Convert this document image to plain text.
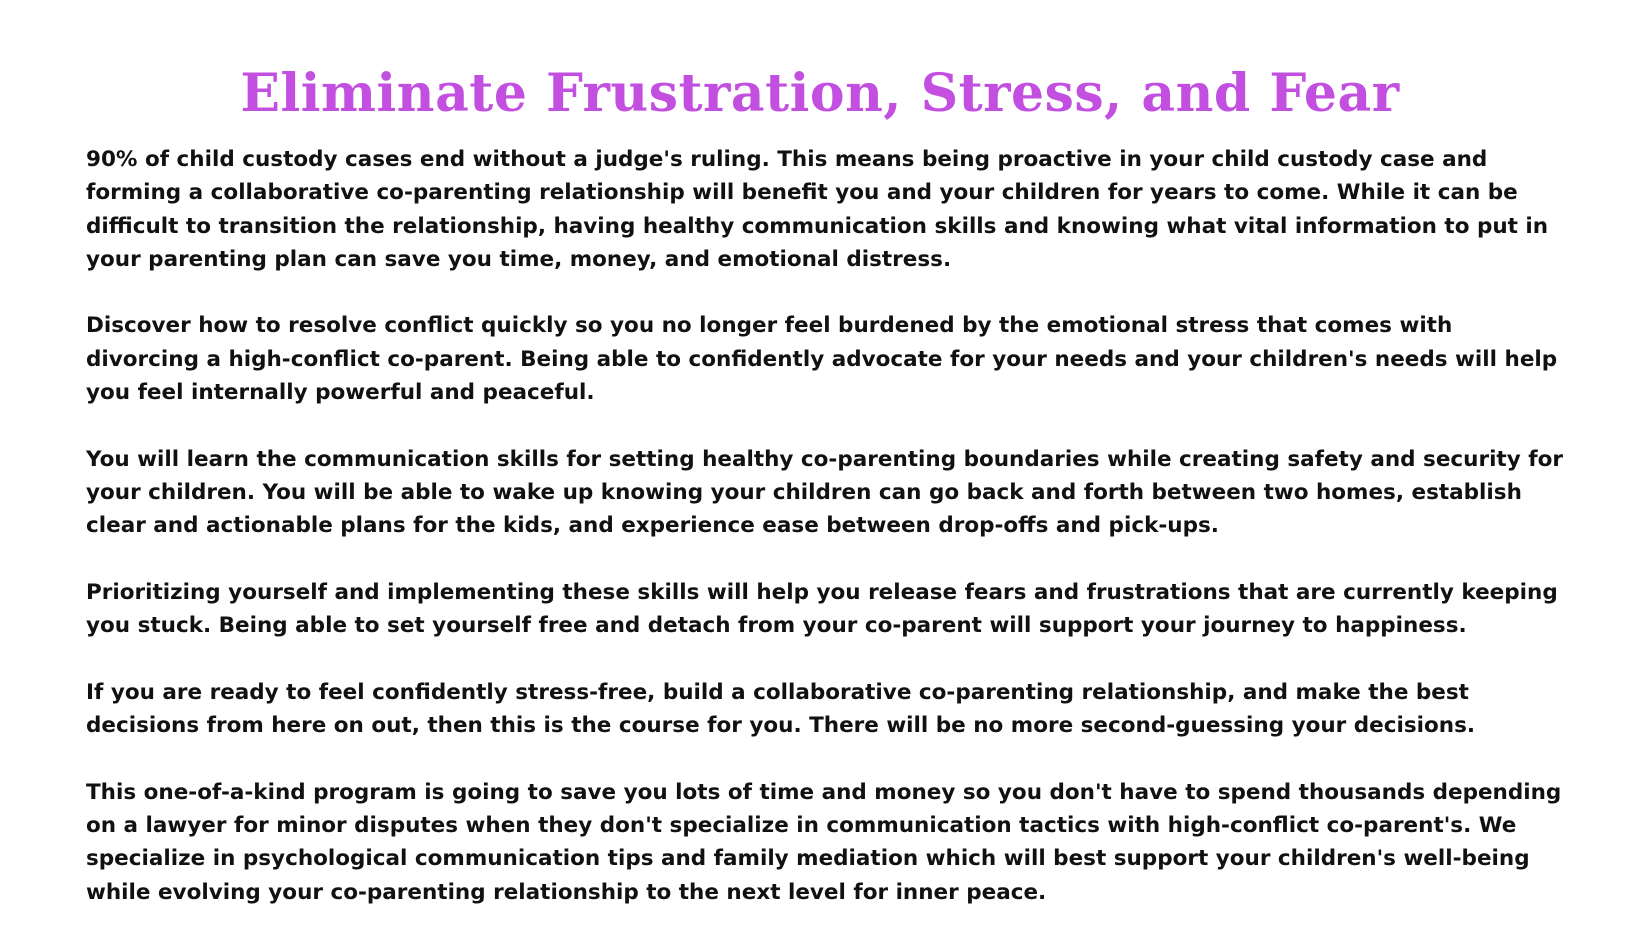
Eliminate Frustration, Stress, and Fear

90% of child custody cases end without a judge's ruling. This means being proactive in your child custody case and forming a collaborative co-parenting relationship will benefit you and your children for years to come. While it can be difficult to transition the relationship, having healthy communication skills and knowing what vital information to put in your parenting plan can save you time, money, and emotional distress.

Discover how to resolve conflict quickly so you no longer feel burdened by the emotional stress that comes with divorcing a high-conflict co-parent. Being able to confidently advocate for your needs and your children's needs will help you feel internally powerful and peaceful.

You will learn the communication skills for setting healthy co-parenting boundaries while creating safety and security for your children. You will be able to wake up knowing your children can go back and forth between two homes, establish clear and actionable plans for the kids, and experience ease between drop-offs and pick-ups.

Prioritizing yourself and implementing these skills will help you release fears and frustrations that are currently keeping you stuck. Being able to set yourself free and detach from your co-parent will support your journey to happiness.

If you are ready to feel confidently stress-free, build a collaborative co-parenting relationship, and make the best decisions from here on out, then this is the course for you. There will be no more second-guessing your decisions.

This one-of-a-kind program is going to save you lots of time and money so you don't have to spend thousands depending on a lawyer for minor disputes when they don't specialize in communication tactics with high-conflict co-parent's. We specialize in psychological communication tips and family mediation which will best support your children's well-being while evolving your co-parenting relationship to the next level for inner peace.
